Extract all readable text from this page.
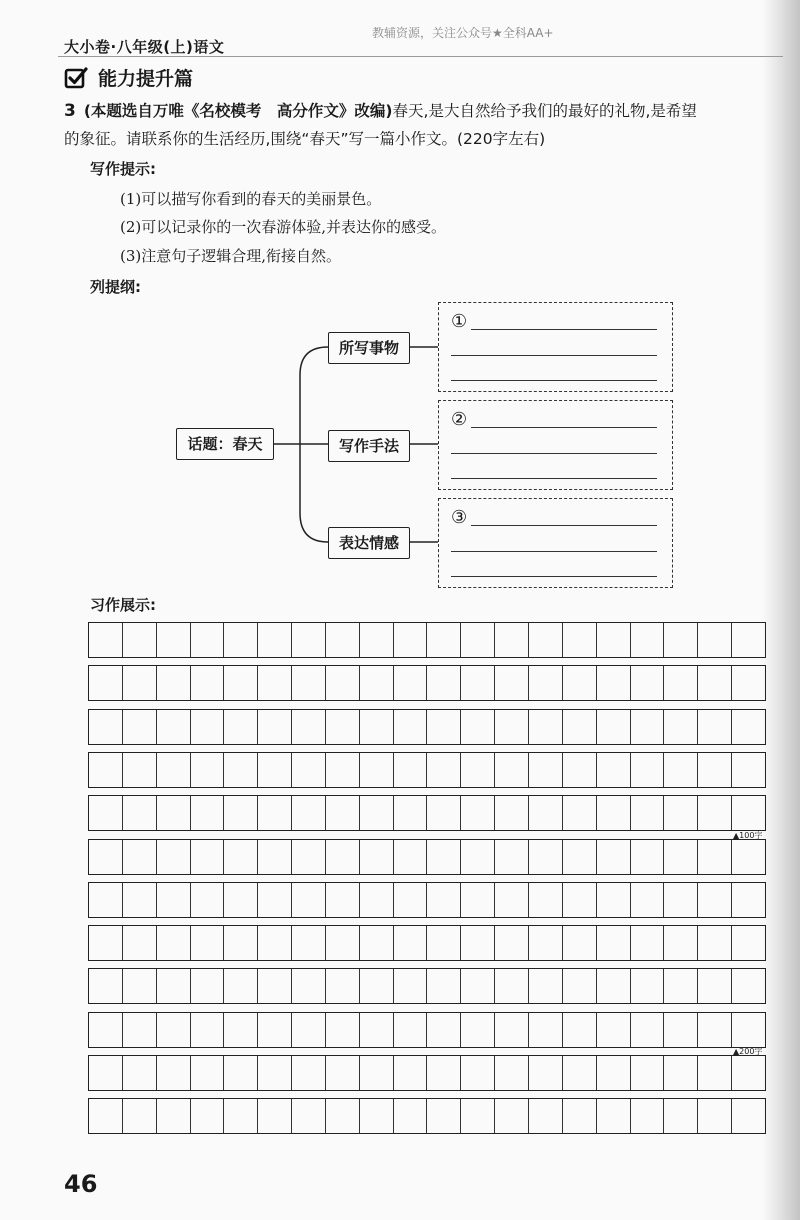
大小卷·八年级(上)语文
教辅资源，关注公众号★全科AA+
能力提升篇
3 (本题选自万唯《名校模考　高分作文》改编)春天,是大自然给予我们的最好的礼物,是希望
的象征。请联系你的生活经历,围绕“春天”写一篇小作文。(220字左右)
写作提示:
(1)可以描写你看到的春天的美丽景色。
(2)可以记录你的一次春游体验,并表达你的感受。
(3)注意句子逻辑合理,衔接自然。
列提纲:
话题：春天
所写事物
写作手法
表达情感
①
②
③
习作展示:
▲100字
▲200字
46
